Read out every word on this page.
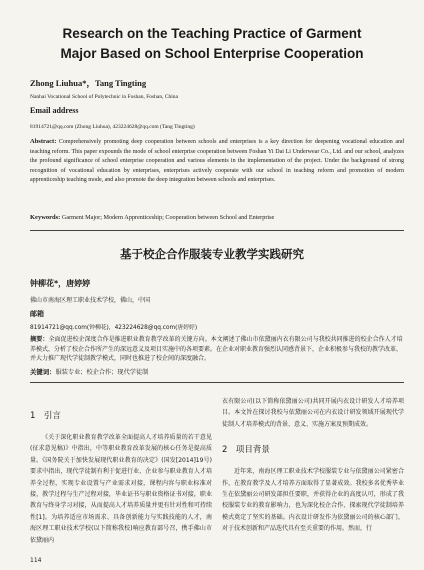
Research on the Teaching Practice of Garment
Major Based on School Enterprise Cooperation
Zhong Liuhua*，Tang Tingting
Nanhai Vocational School of Polytechnic in Foshan, Foshan, China
Email address
81914721@qq.com (Zhong Liuhua), 423224628@qq.com (Tang Tingting)
Abstract: Comprehensively promoting deep cooperation between schools and enterprises is a key direction for deepening vocational education and teaching reform. This paper expounds the mode of school enterprise cooperation between Foshan Yi Dai Li Underwear Co., Ltd. and our school, analyzes the profound significance of school enterprise cooperation and various elements in the implementation of the project. Under the background of strong recognition of vocational education by enterprises, enterprises actively cooperate with our school in teaching reform and promotion of modern apprenticeship teaching mode, and also promote the deep integration between schools and enterprises.
Keywords: Garment Major; Modern Apprenticeship; Cooperation between School and Enterprise
基于校企合作服装专业教学实践研究
钟柳花*，唐婷婷
佛山市南海区理工职业技术学校，佛山，中国
邮箱
81914721@qq.com(钟柳花)，423224628@qq.com(唐婷婷)
摘要：全面促进校企深度合作是推进职业教育教学改革的关键方向。本文阐述了佛山市依黛丽内衣有限公司与我校共同推进的校企合作人才培养模式，分析了校企合作所产生的深远意义及项目实施中的各项要素。在企业对职业教育强烈认同感背景下，企业积极参与我校的教学改革，并大力推广现代学徒制教学模式，同时也推进了校企间的深度融合。
关键词：服装专业；校企合作；现代学徒制
1　引言

《关于深化职业教育教学改革全面提高人才培养质量的若干意见(征求意见稿)》中指出，中等职业教育改革发展的核心任务是提高质量。《国务院关于加快发展现代职业教育的决定》(国发[2014]19号)要求中指出，现代学徒制有利于促进行业、企业参与职业教育人才培养全过程，实现专业设置与产业需求对接，课程内容与职业标准对接，教学过程与生产过程对接，毕业证书与职业资格证书对接，职业教育与终身学习对接，从而提高人才培养质量并更有针对性和可持续性[1]。为培养适应市场需求、具备创新能力与实践技能的人才，南海区理工职业技术学校(以下简称我校)响应教育部号召，携手佛山市依黛丽内

衣有限公司(以下简称依黛丽公司)共同开展内衣设计研发人才培养项目。本文旨在探讨我校与依黛丽公司在内衣设计研发领域开展现代学徒制人才培养模式的背景、意义、实施方案及预期成效。

2　项目背景

近年来，南海区理工职业技术学校服装专业与依黛丽公司紧密合作，在教育教学及人才培养方面取得了显著成效。我校多名优秀毕业生在依黛丽公司研发部担任要职，并获得企业的高度认可，形成了我校服装专业的教育影响力，也为深化校企合作、探索现代学徒制培养模式奠定了坚实的基础。内衣设计研发作为依黛丽公司的核心部门，对于技术创新和产品迭代具有至关重要的作用。然而，行

114
